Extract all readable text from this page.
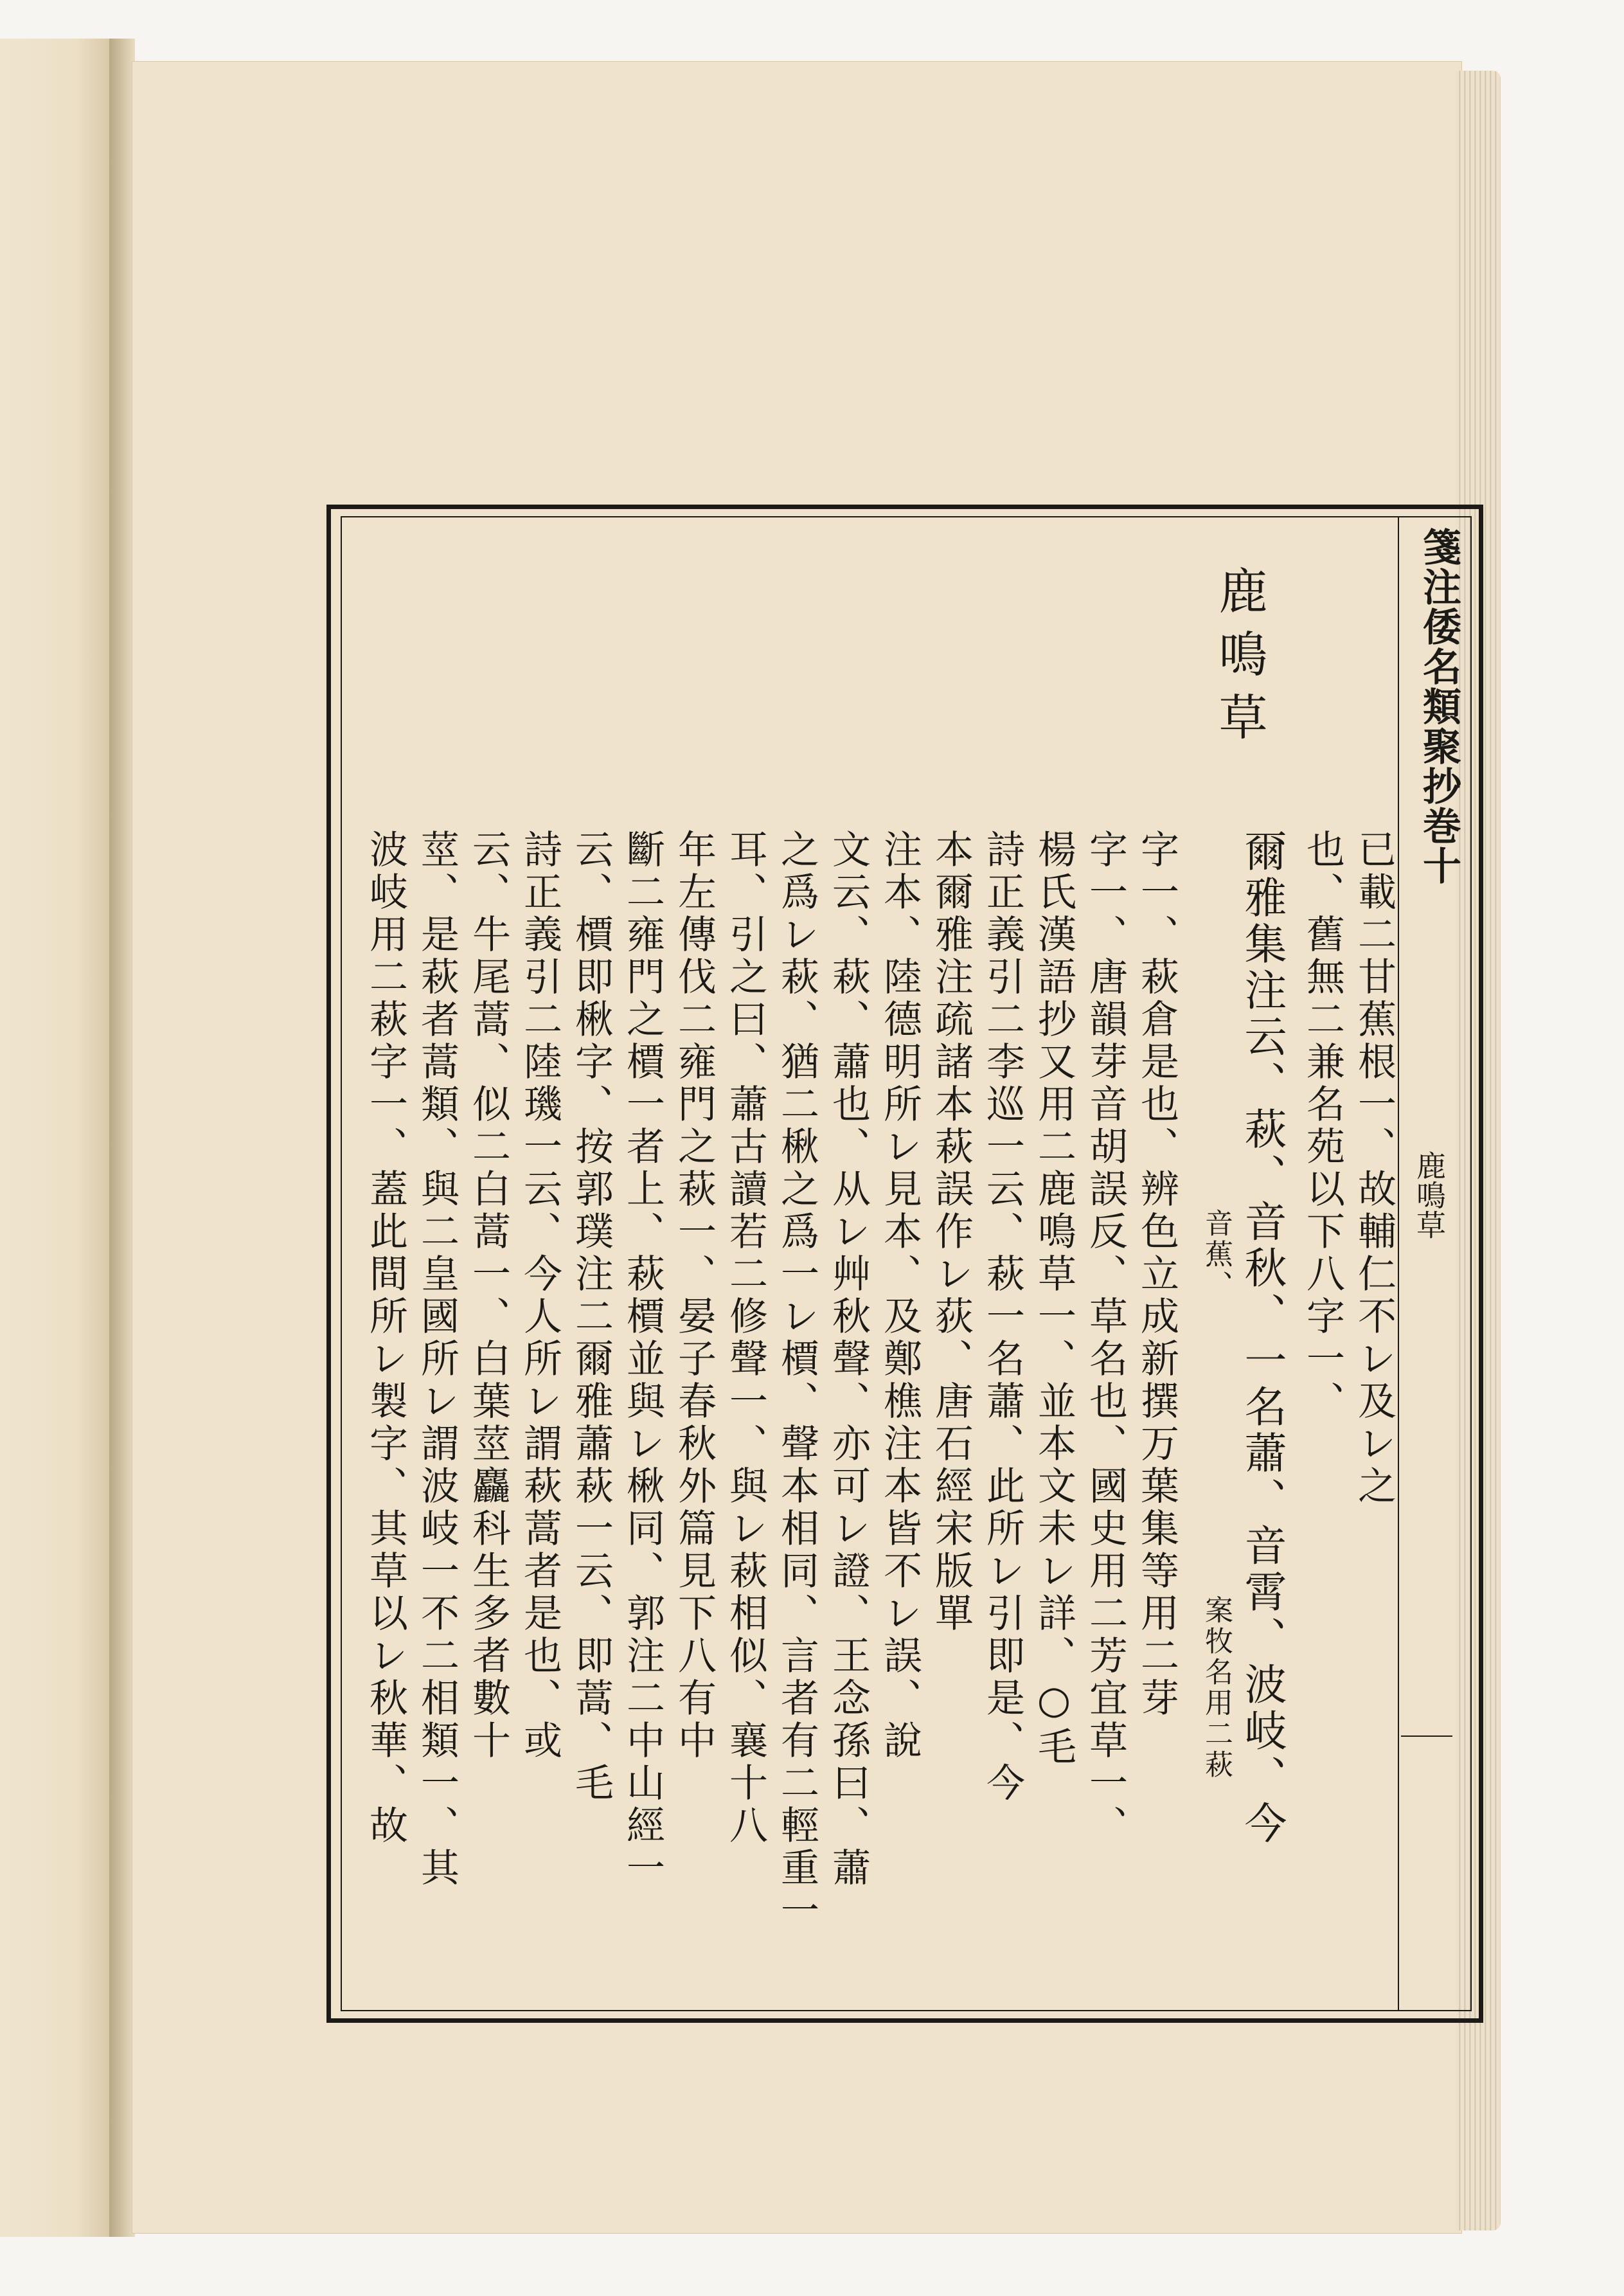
箋注倭名類聚抄巻十
鹿鳴草
鹿鳴草
已載二甘蕉根一、故輔仁不レ及レ之
也、舊無二兼名苑以下八字一、
爾雅集注云、萩、音秋、一名蕭、音霄、波岐、今
音蕉、　　　　　　　　　　案牧名用二萩
字一、萩倉是也、辨色立成新撰万葉集等用二芽
字一、唐韻芽音胡誤反、草名也、國史用二芳宜草一、
楊氏漢語抄又用二鹿鳴草一、並本文未レ詳、○毛
詩正義引二李巡一云、萩一名蕭、此所レ引即是、今
本爾雅注疏諸本萩誤作レ荻、唐石經宋版單
注本、陸德明所レ見本、及鄭樵注本皆不レ誤、說
文云、萩、蕭也、从レ艸秋聲、亦可レ證、王念孫曰、蕭
之爲レ萩、猶二楸之爲一レ檟、聲本相同、言者有二輕重一
耳、引之曰、蕭古讀若二修聲一、與レ萩相似、襄十八
年左傳伐二雍門之萩一、晏子春秋外篇見下八有中
斷二雍門之檟一者上、萩檟並與レ楸同、郭注二中山經一
云、檟即楸字、按郭璞注二爾雅蕭萩一云、即蒿、毛
詩正義引二陸璣一云、今人所レ謂萩蒿者是也、或
云、牛尾蒿、似二白蒿一、白葉莖麤科生多者數十
莖、是萩者蒿類、與二皇國所レ謂波岐一不二相類一、其
波岐用二萩字一、蓋此間所レ製字、其草以レ秋華、故
